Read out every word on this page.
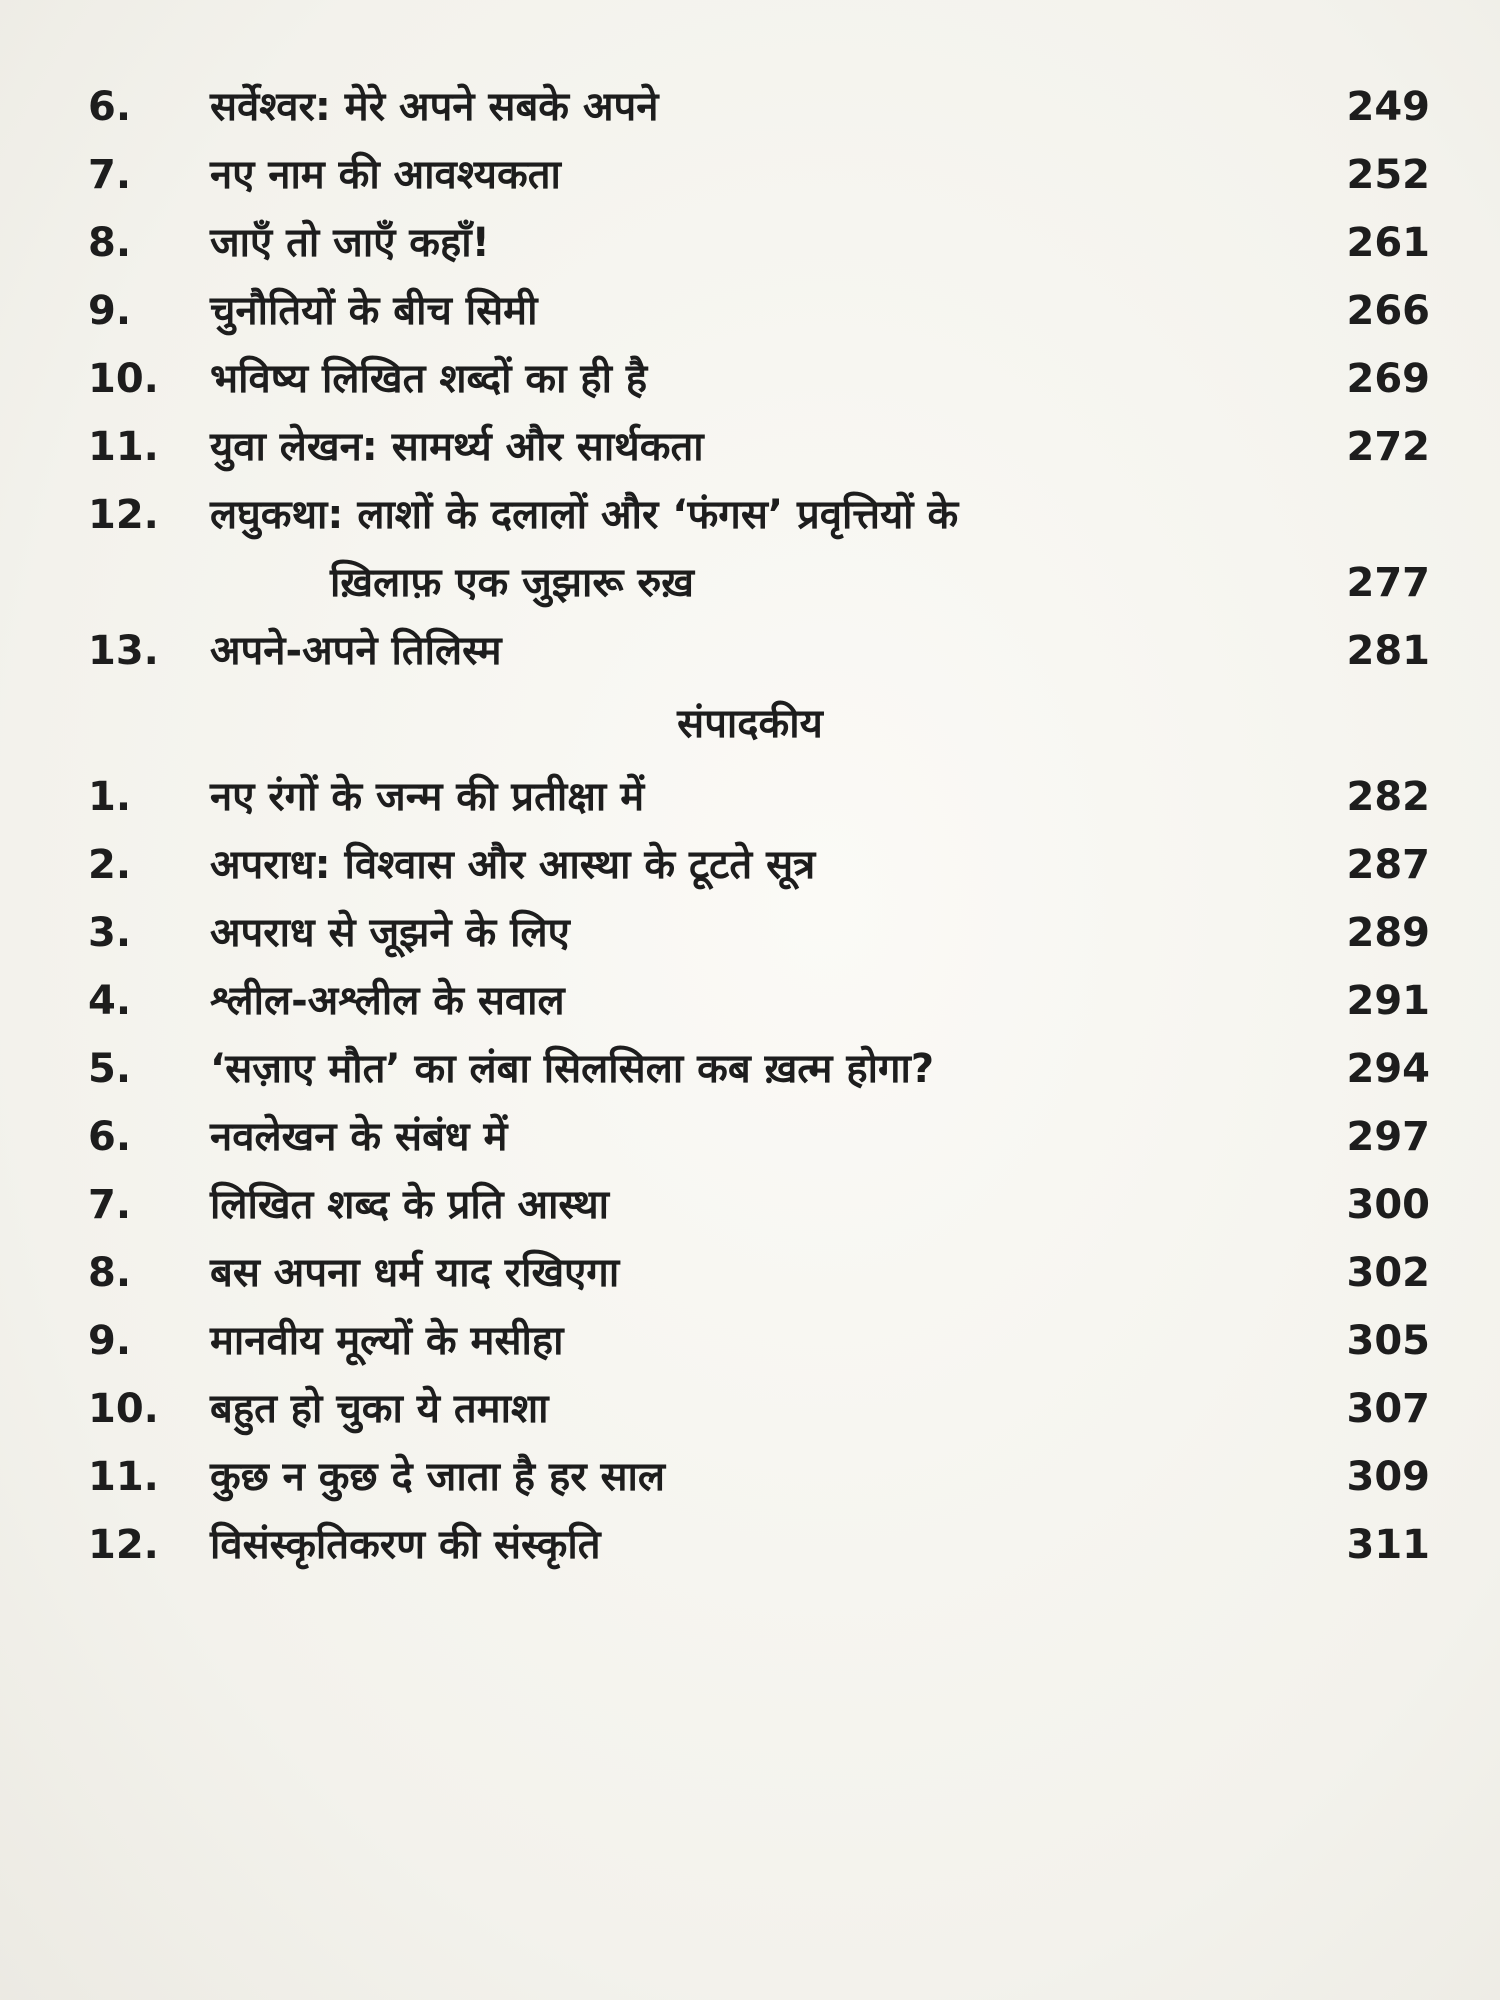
6.	सर्वेश्वर: मेरे अपने सबके अपने	249
7.	नए नाम की आवश्यकता	252
8.	जाएँ तो जाएँ कहाँ!	261
9.	चुनौतियों के बीच सिमी	266
10.	भविष्य लिखित शब्दों का ही है	269
11.	युवा लेखन: सामर्थ्य और सार्थकता	272
12.	लघुकथा: लाशों के दलालों और ‘फंगस’ प्रवृत्तियों के
ख़िलाफ़ एक जुझारू रुख़	277
13.	अपने-अपने तिलिस्म	281
संपादकीय
1.	नए रंगों के जन्म की प्रतीक्षा में	282
2.	अपराध: विश्वास और आस्था के टूटते सूत्र	287
3.	अपराध से जूझने के लिए	289
4.	श्लील-अश्लील के सवाल	291
5.	‘सज़ाए मौत’ का लंबा सिलसिला कब ख़त्म होगा?	294
6.	नवलेखन के संबंध में	297
7.	लिखित शब्द के प्रति आस्था	300
8.	बस अपना धर्म याद रखिएगा	302
9.	मानवीय मूल्यों के मसीहा	305
10.	बहुत हो चुका ये तमाशा	307
11.	कुछ न कुछ दे जाता है हर साल	309
12.	विसंस्कृतिकरण की संस्कृति	311
